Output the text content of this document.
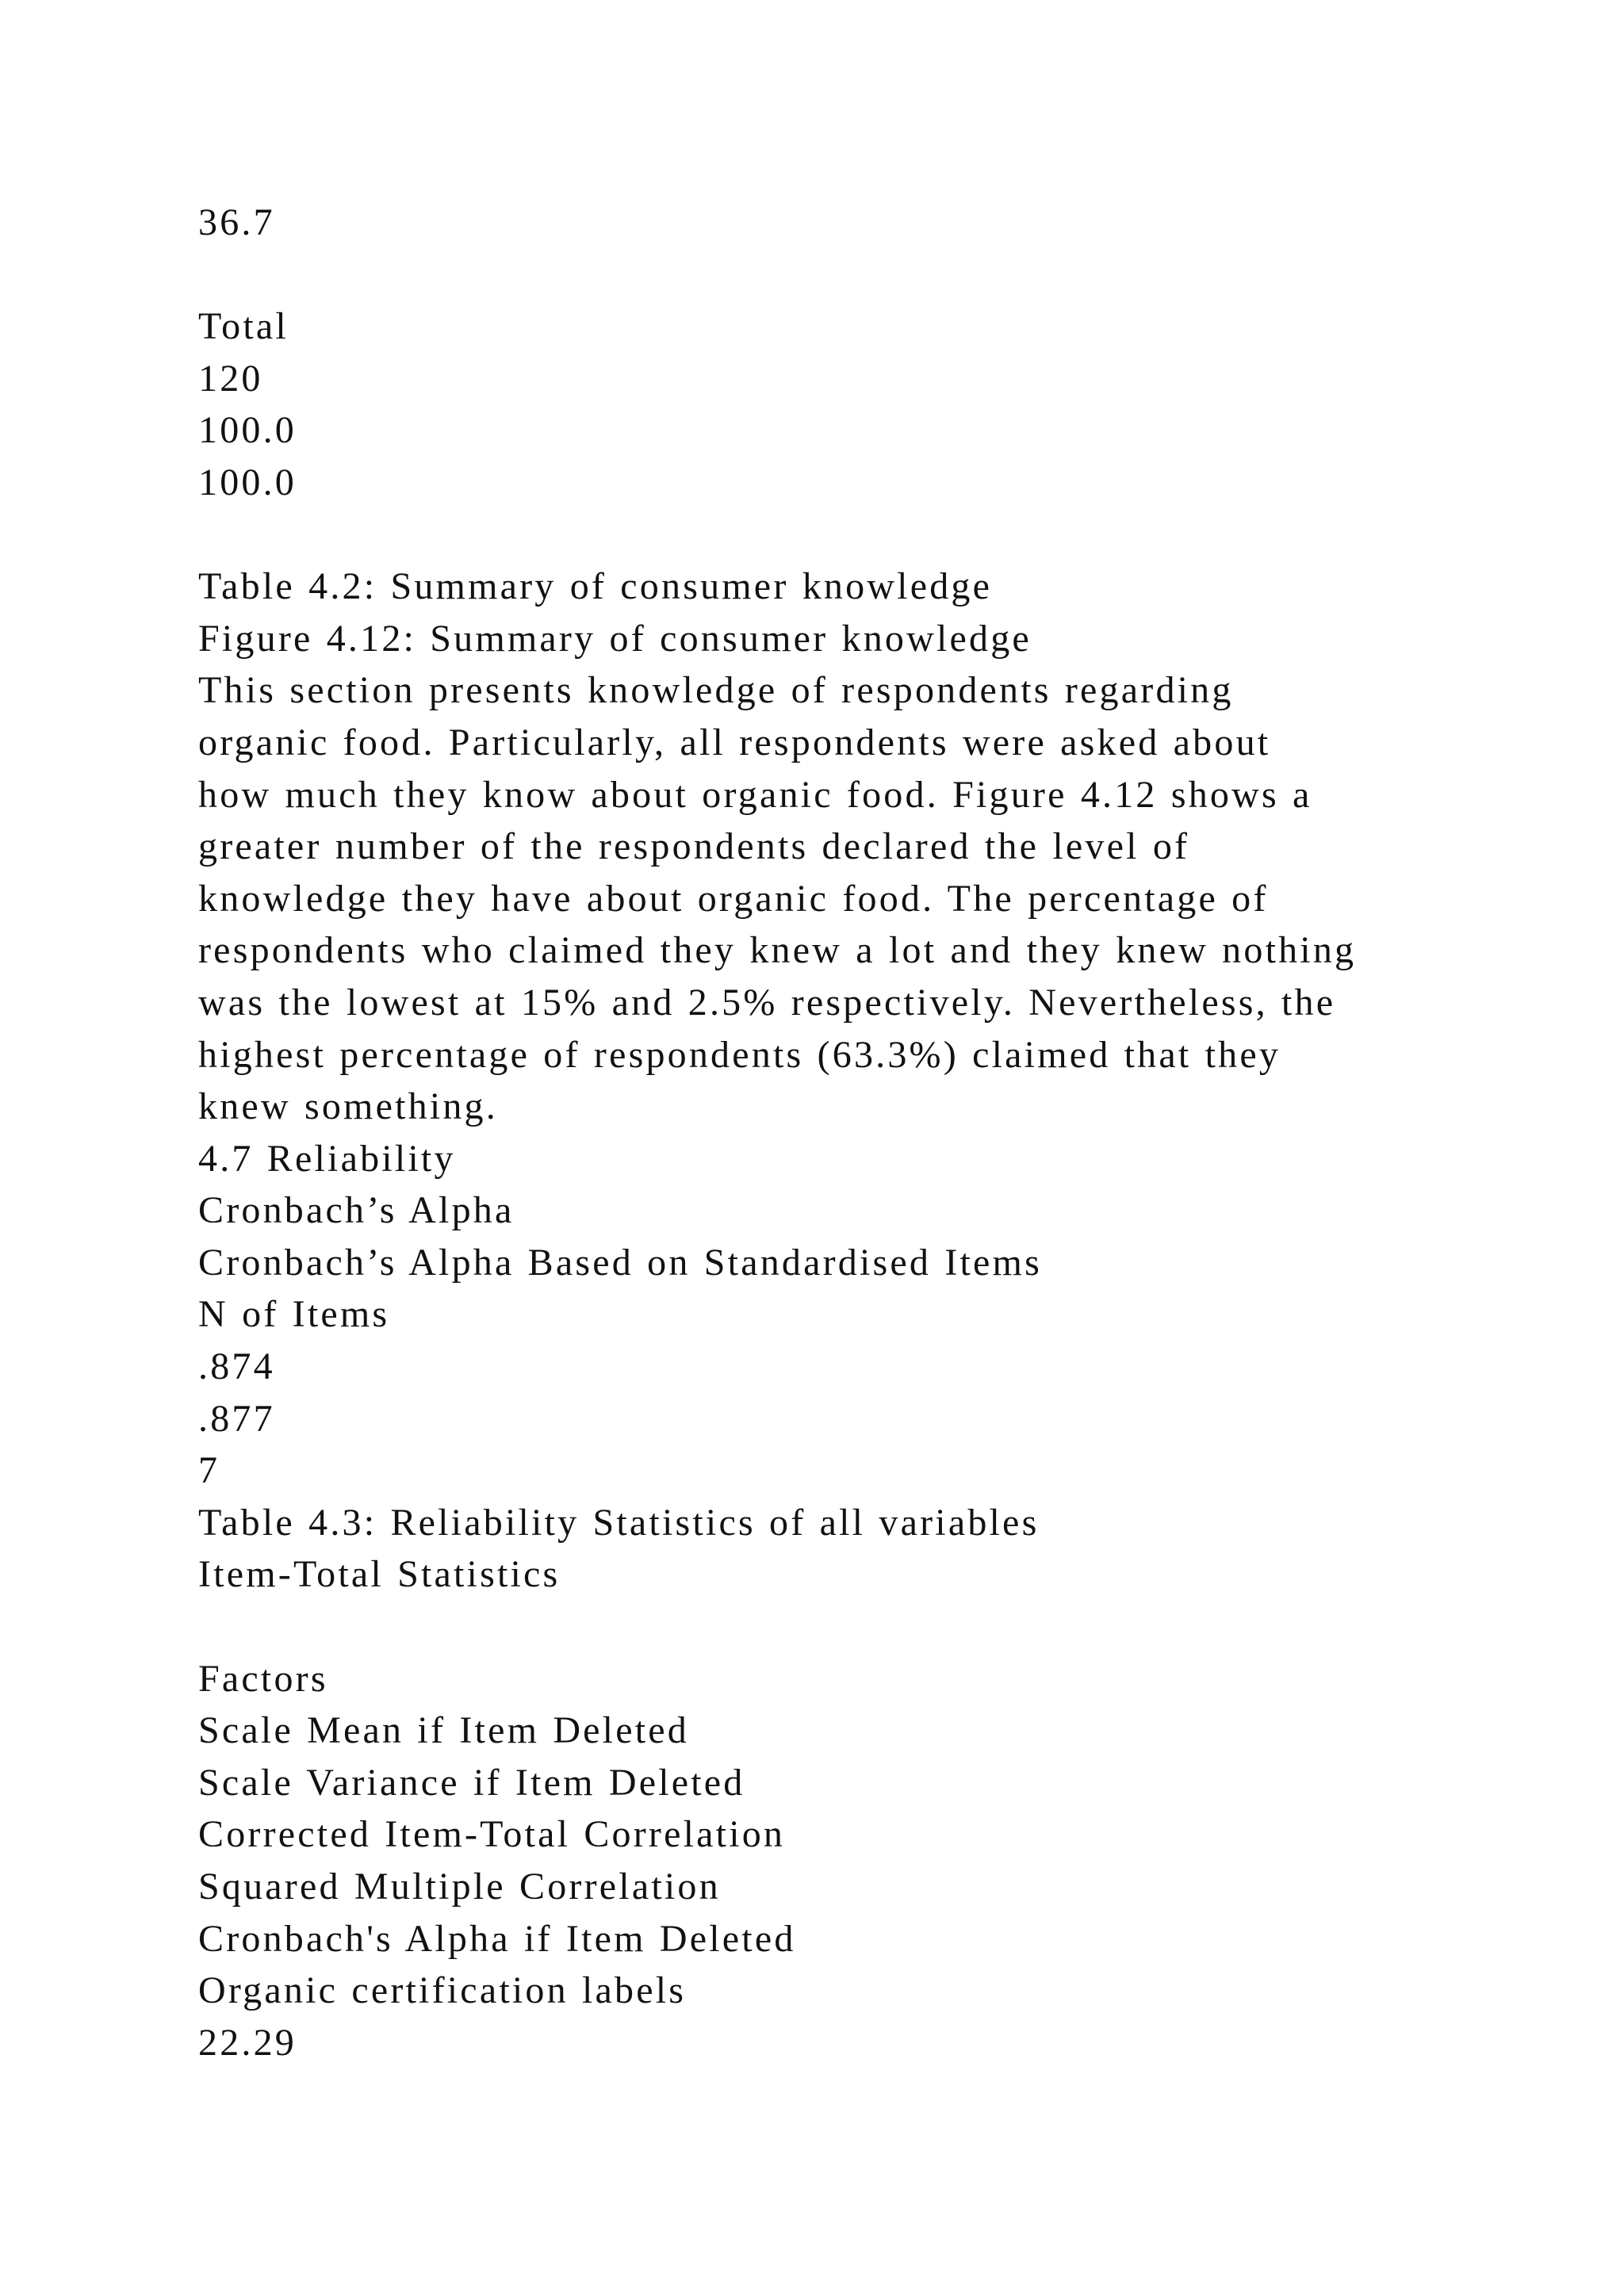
36.7
Total
120
100.0
100.0
Table 4.2: Summary of consumer knowledge
Figure 4.12: Summary of consumer knowledge
This section presents knowledge of respondents regarding
organic food. Particularly, all respondents were asked about
how much they know about organic food. Figure 4.12 shows a
greater number of the respondents declared the level of
knowledge they have about organic food. The percentage of
respondents who claimed they knew a lot and they knew nothing
was the lowest at 15% and 2.5% respectively. Nevertheless, the
highest percentage of respondents (63.3%) claimed that they
knew something.
4.7 Reliability
Cronbach’s Alpha
Cronbach’s Alpha Based on Standardised Items
N of Items
.874
.877
7
Table 4.3: Reliability Statistics of all variables
Item-Total Statistics
Factors
Scale Mean if Item Deleted
Scale Variance if Item Deleted
Corrected Item-Total Correlation
Squared Multiple Correlation
Cronbach's Alpha if Item Deleted
Organic certification labels
22.29
